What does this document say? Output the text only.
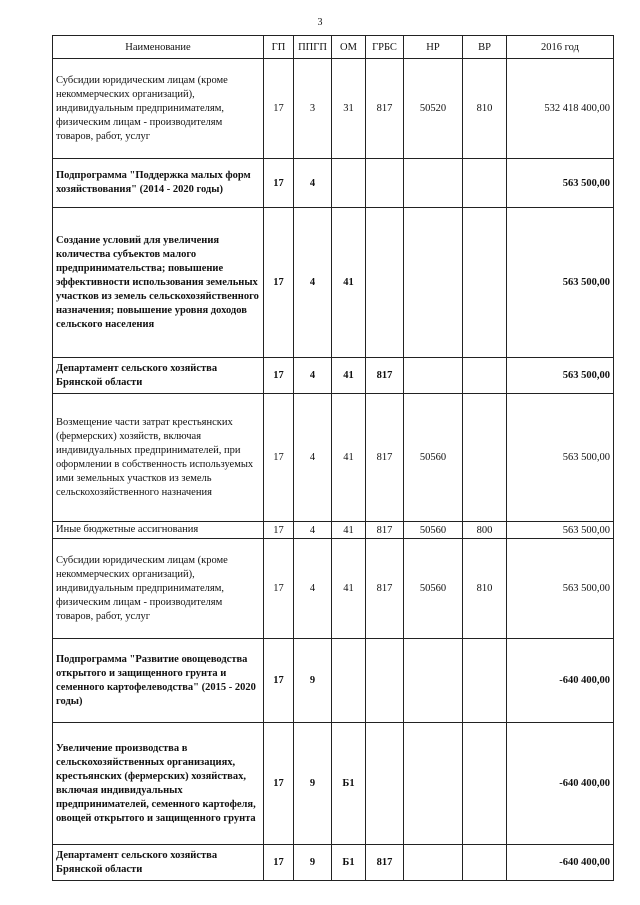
3
Наименование	ГП	ППГП	ОМ	ГРБС	НР	ВР	2016 год
Субсидии юридическим лицам (кроме некоммерческих организаций), индивидуальным предпринимателям, физическим лицам - производителям товаров, работ, услуг	17	3	31	817	50520	810	532 418 400,00
Подпрограмма "Поддержка малых форм хозяйствования" (2014 - 2020 годы)	17	4					563 500,00
Создание условий для увеличения количества субъектов малого предпринимательства; повышение эффективности использования земельных участков из земель сельскохозяйственного назначения; повышение уровня доходов сельского населения	17	4	41				563 500,00
Департамент сельского хозяйства Брянской области	17	4	41	817			563 500,00
Возмещение части затрат крестьянских (фермерских) хозяйств, включая индивидуальных предпринимателей, при оформлении в собственность используемых ими земельных участков из земель сельскохозяйственного назначения	17	4	41	817	50560		563 500,00
Иные бюджетные ассигнования	17	4	41	817	50560	800	563 500,00
Субсидии юридическим лицам (кроме некоммерческих организаций), индивидуальным предпринимателям, физическим лицам - производителям товаров, работ, услуг	17	4	41	817	50560	810	563 500,00
Подпрограмма "Развитие овощеводства открытого и защищенного грунта и семенного картофелеводства" (2015 - 2020 годы)	17	9					-640 400,00
Увеличение производства в сельскохозяйственных организациях, крестьянских (фермерских) хозяйствах, включая индивидуальных предпринимателей, семенного картофеля, овощей открытого и защищенного грунта	17	9	Б1				-640 400,00
Департамент сельского хозяйства Брянской области	17	9	Б1	817			-640 400,00
